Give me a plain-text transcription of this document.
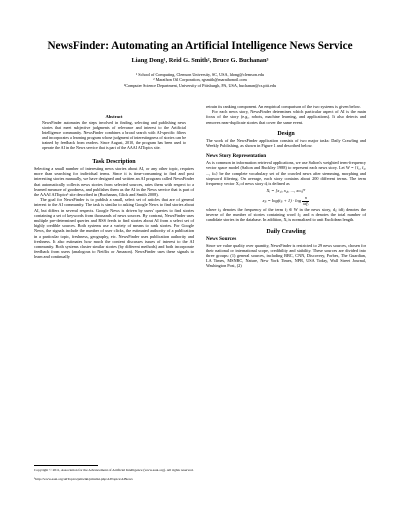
NewsFinder: Automating an Artificial Intelligence News Service
Liang Dong¹, Reid G. Smith², Bruce G. Buchanan³
¹ School of Computing, Clemson University, SC, USA, ldong@clemson.edu
² Marathon Oil Corporation, rgsmith@marathonoil.com
³Computer Science Department, University of Pittsburgh, PA, USA, buchanan@cs.pitt.edu
Abstract

NewsFinder automates the steps involved in finding, selecting and publishing news stories that meet subjective judgments of relevance and interest to the Artificial Intelligence community. NewsFinder combines a broad search with AI-specific filters and incorporates a learning program whose judgment of interestingness of stories can be trained by feedback from readers. Since August, 2010, the program has been used to operate the AI in the News service that is part of the AAAI AITopics site.

Task Description

Selecting a small number of interesting news stories about AI, or any other topic, requires more than searching for individual terms. Since it is time-consuming to find and post interesting stories manually, we have designed and written an AI program called NewsFinder that automatically collects news stories from selected sources, rates them with respect to a learned measure of goodness, and publishes them as the AI in the News service that is part of the AAAI AITopics¹ site described in (Buchanan, Glick and Smith 2008).

The goal for NewsFinder is to publish a small, select set of articles that are of general interest to the AI community. The task is similar to asking Google News to find stories about AI, but differs in several respects. Google News is driven by users' queries to find stories containing a set of keywords from thousands of news sources. By contrast, NewsFinder uses multiple pre-determined queries and RSS feeds to find stories about AI from a select set of highly credible sources. Both systems use a variety of means to rank stories. For Google News, the signals include the number of user clicks, the estimated authority of a publication in a particular topic, freshness, geography, etc. NewsFinder uses publication authority and freshness. It also estimates how much the content discusses issues of interest to the AI community. Both systems cluster similar stories (by different methods) and both incorporate feedback from users (analogous to Netflix or Amazon). NewsFinder uses these signals to learn and continually

retrain its ranking component. An empirical comparison of the two systems is given below.

For each news story, NewsFinder determines which particular aspect of AI is the main focus of the story (e.g., robots, machine learning, and applications). It also detects and removes near-duplicate stories that cover the same event.

Design

The work of the NewsFinder application consists of two major tasks: Daily Crawling and Weekly Publishing, as shown in Figure 1 and described below.

News Story Representation

As is common in information retrieval applications, we use Salton's weighted term-frequency vector space model (Salton and Buckley 1988) to represent each news story. Let W = {f₁, f₂, ..., fₘ} be the complete vocabulary set of the crawled news after stemming, morphing and stopword filtering. On average, each story contains about 200 different terms. The term frequency vector Xᵢ of news story dᵢ is defined as

Xᵢ = [x₁ᵢ, x₂ᵢ, ..., xₘᵢ]ᵀ
xⱼᵢ = log(tⱼᵢ + $1) \cdot \log \frac{n}{\text{idfⱼ}}$

where tⱼᵢ denotes the frequency of the term fⱼ ∈ W in the news story, dᵢ; idfⱼ denotes the inverse of the number of stories containing word fⱼ; and n denotes the total number of candidate stories in the database. In addition, Xᵢ is normalized to unit Euclidean length.

Daily Crawling
News Sources

Since we value quality over quantity, NewsFinder is restricted to 29 news sources, chosen for their national or international scope, credibility and stability. These sources are divided into three groups: (1) general sources, including BBC, CNN, Discovery, Forbes, The Guardian, LA Times, MSNBC, Nature, New York Times, NPR, USA Today, Wall Street Journal, Washington Post, (2)

Copyright © 2011, Association for the Advancement of Artificial Intelligence (www.aaai.org). All rights reserved.
¹http://www.aaai.org/AITopics/pmwiki/pmwiki.php/AITopics/AINews
